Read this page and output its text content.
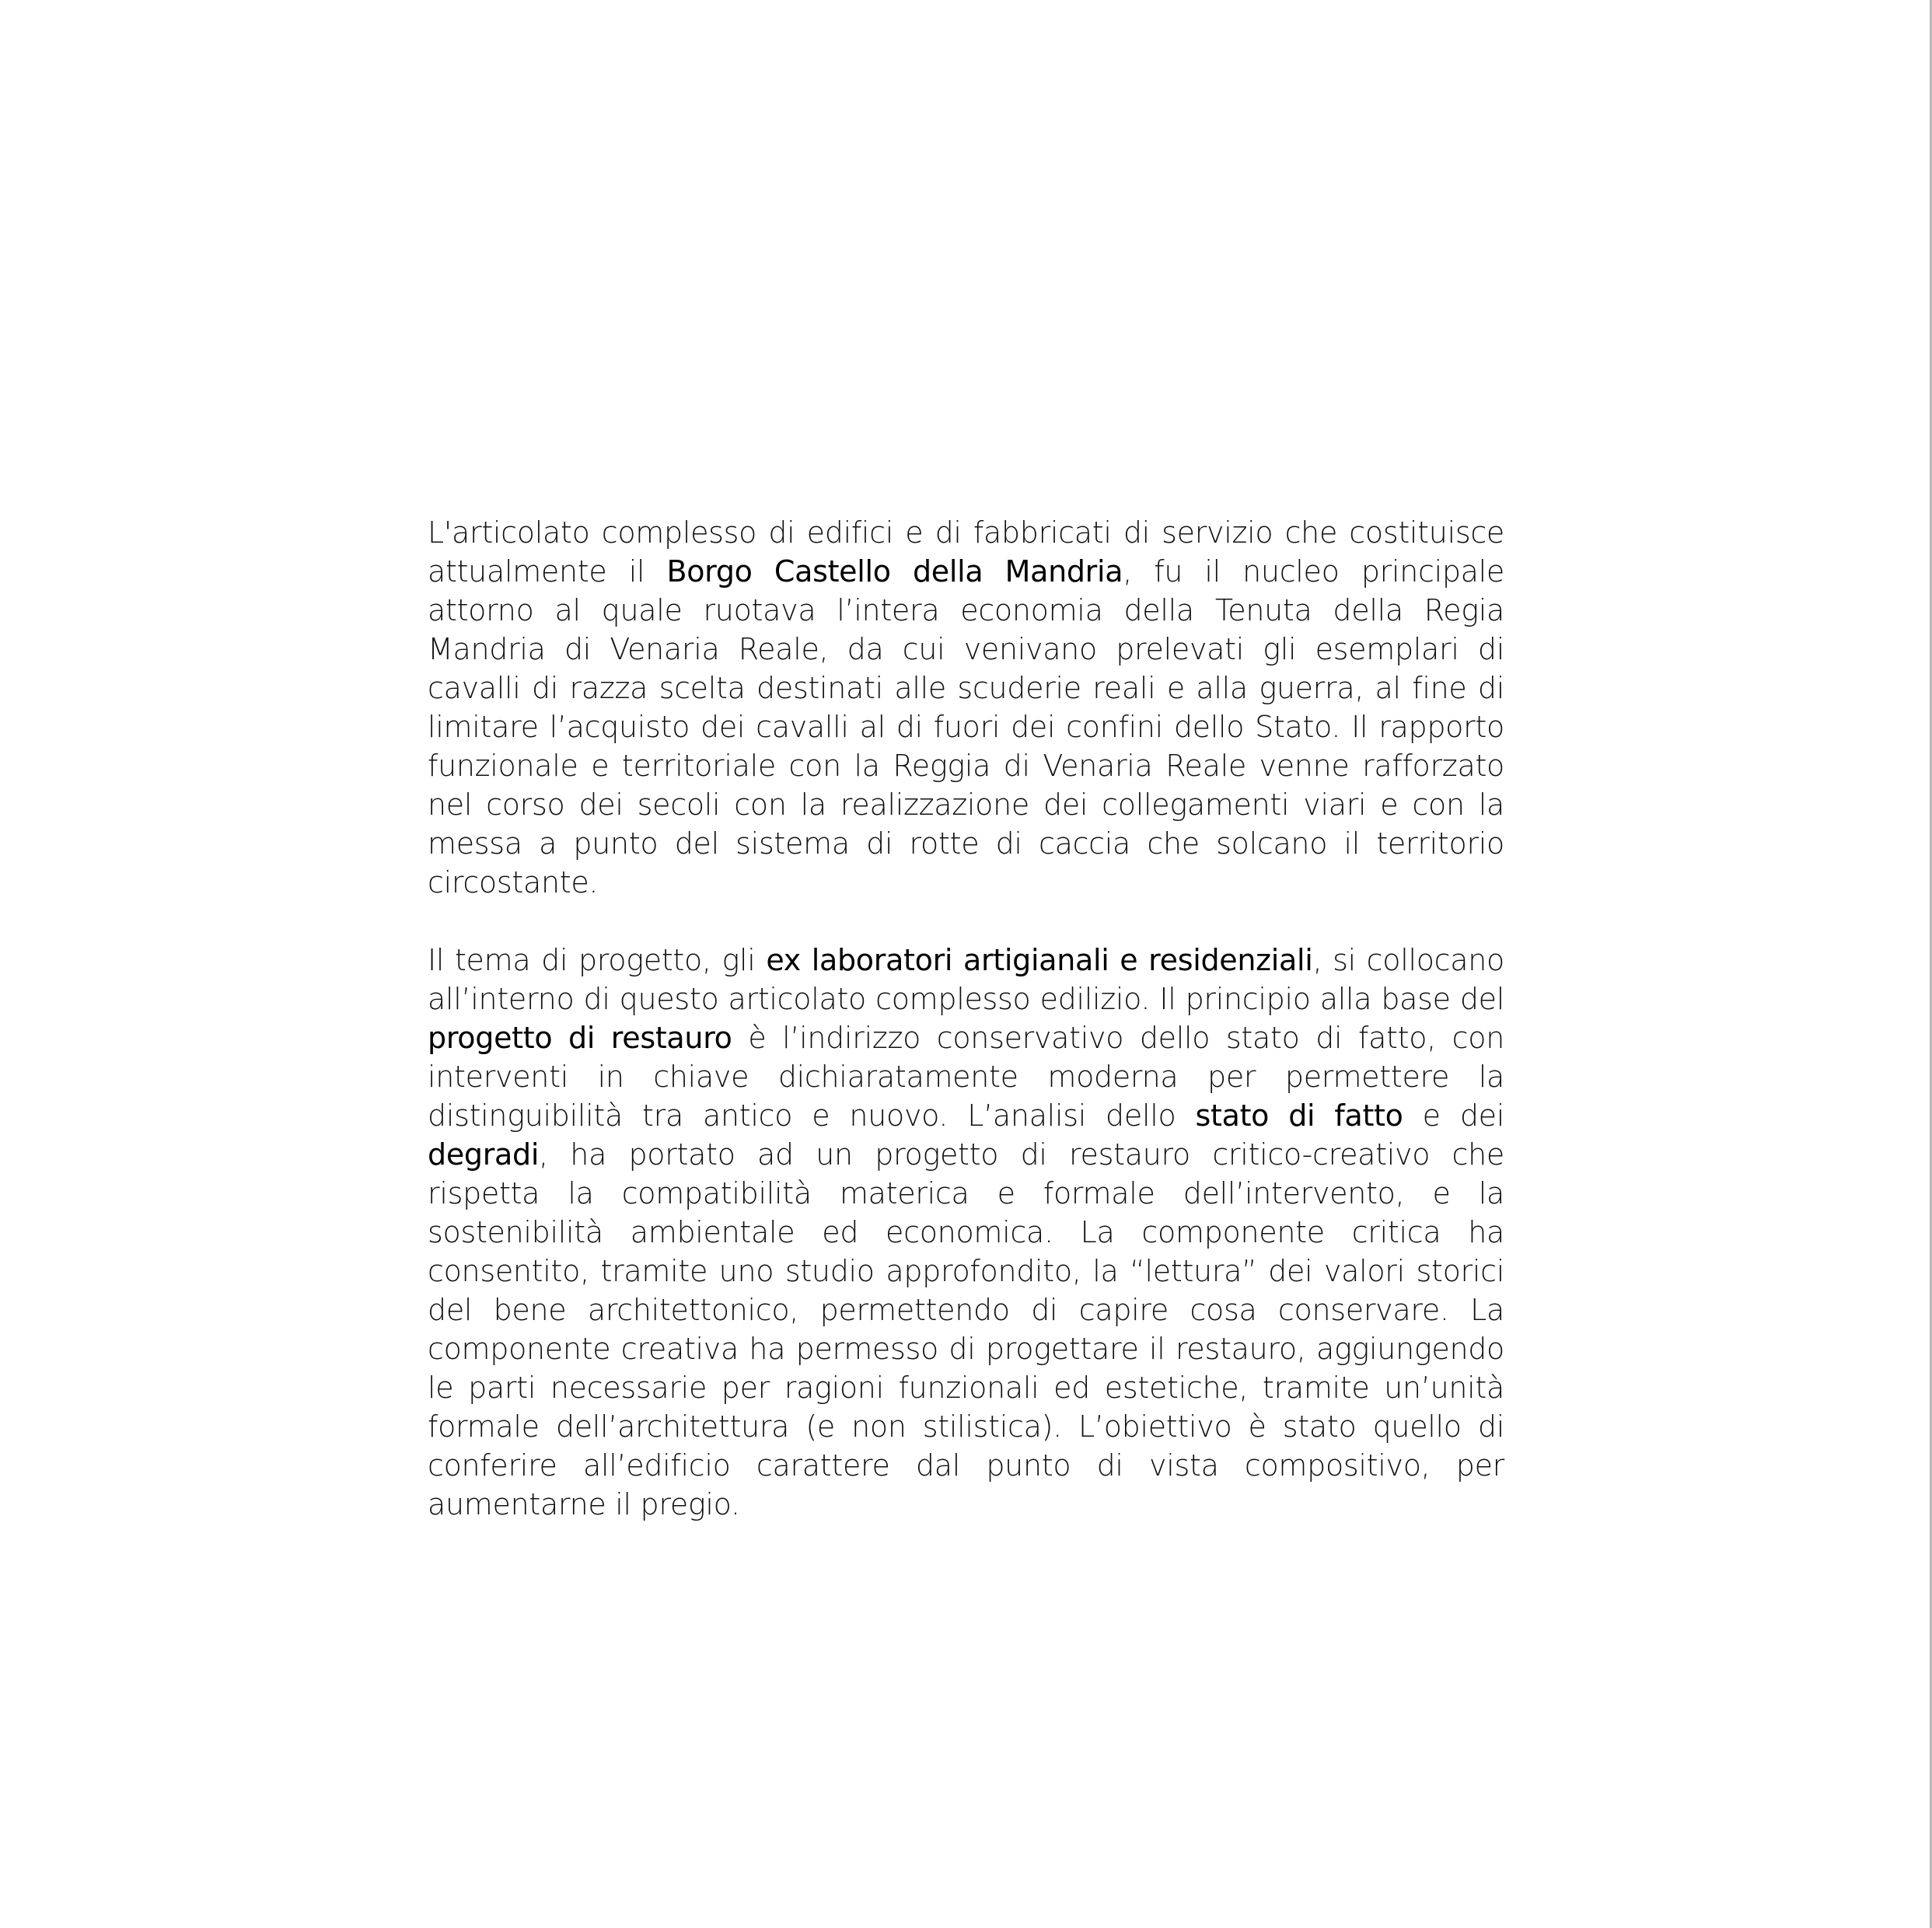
L'articolato complesso di edifici e di fabbricati di servizio che costituisce attualmente il Borgo Castello della Mandria, fu il nucleo principale attorno al quale ruotava l’intera economia della Tenuta della Regia Mandria di Venaria Reale, da cui venivano prelevati gli esemplari di cavalli di razza scelta destinati alle scuderie reali e alla guerra, al fine di limitare l’acquisto dei cavalli al di fuori dei confini dello Stato. Il rapporto funzionale e territoriale con la Reggia di Venaria Reale venne rafforzato nel corso dei secoli con la realizzazione dei collegamenti viari e con la messa a punto del sistema di rotte di caccia che solcano il territorio circostante.

Il tema di progetto, gli ex laboratori artigianali e residenziali, si collocano all’interno di questo articolato complesso edilizio. Il principio alla base del progetto di restauro è l’indirizzo conservativo dello stato di fatto, con interventi in chiave dichiaratamente moderna per permettere la distinguibilità tra antico e nuovo. L’analisi dello stato di fatto e dei degradi, ha portato ad un progetto di restauro critico-creativo che rispetta la compatibilità materica e formale dell’intervento, e la sostenibilità ambientale ed economica. La componente critica ha consentito, tramite uno studio approfondito, la “lettura” dei valori storici del bene architettonico, permettendo di capire cosa conservare. La componente creativa ha permesso di progettare il restauro, aggiungendo le parti necessarie per ragioni funzionali ed estetiche, tramite un’unità formale dell’architettura (e non stilistica). L’obiettivo è stato quello di conferire all’edificio carattere dal punto di vista compositivo, per aumentarne il pregio.
